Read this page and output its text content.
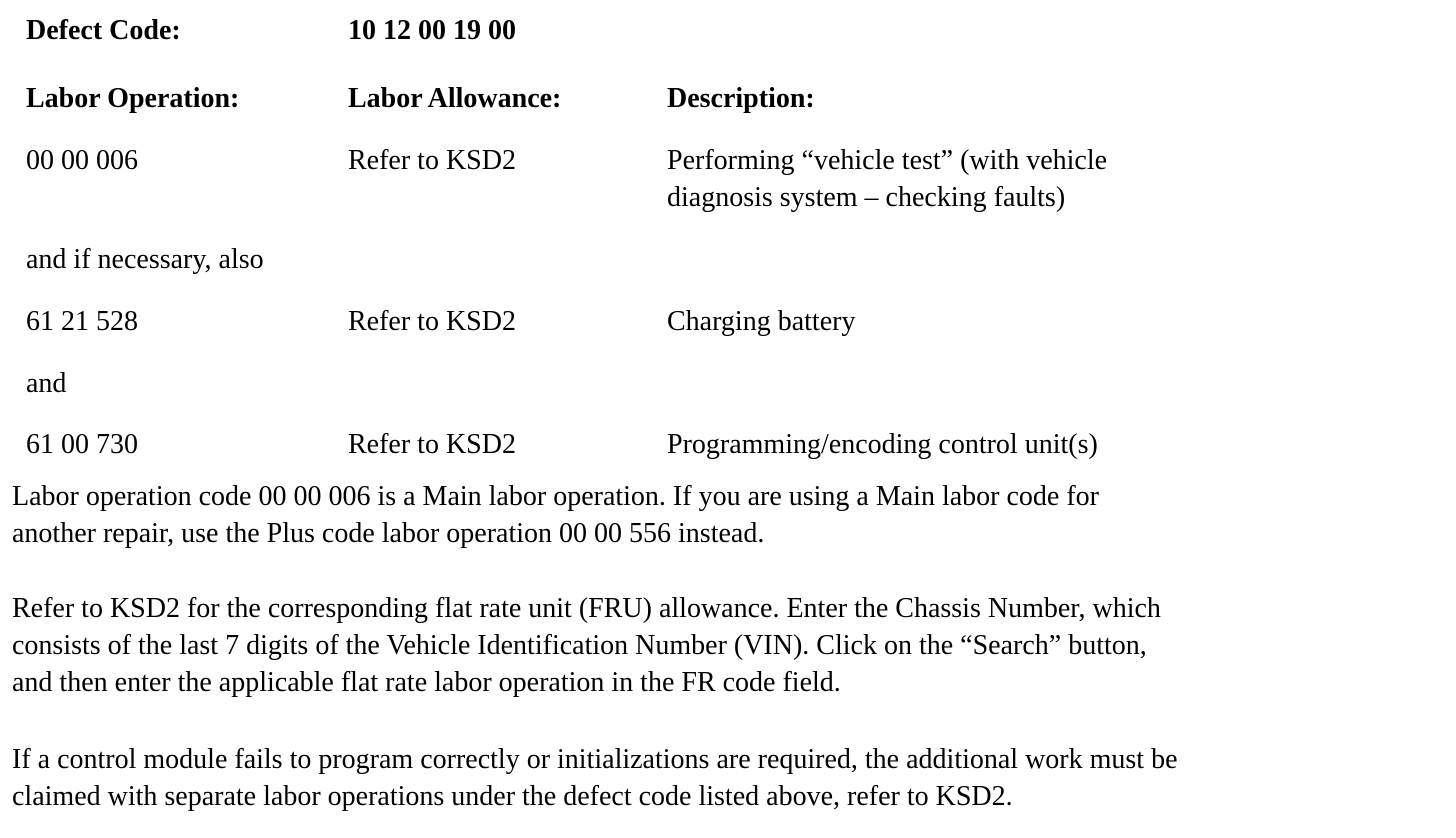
Defect Code:	10 12 00 19 00
Labor Operation:	Labor Allowance:	Description:
00 00 006	Refer to KSD2	Performing “vehicle test” (with vehicle
diagnosis system – checking faults)
and if necessary, also
61 21 528	Refer to KSD2	Charging battery
and
61 00 730	Refer to KSD2	Programming/encoding control unit(s)
Labor operation code 00 00 006 is a Main labor operation. If you are using a Main labor code for
another repair, use the Plus code labor operation 00 00 556 instead.
Refer to KSD2 for the corresponding flat rate unit (FRU) allowance. Enter the Chassis Number, which
consists of the last 7 digits of the Vehicle Identification Number (VIN). Click on the “Search” button,
and then enter the applicable flat rate labor operation in the FR code field.
If a control module fails to program correctly or initializations are required, the additional work must be
claimed with separate labor operations under the defect code listed above, refer to KSD2.
